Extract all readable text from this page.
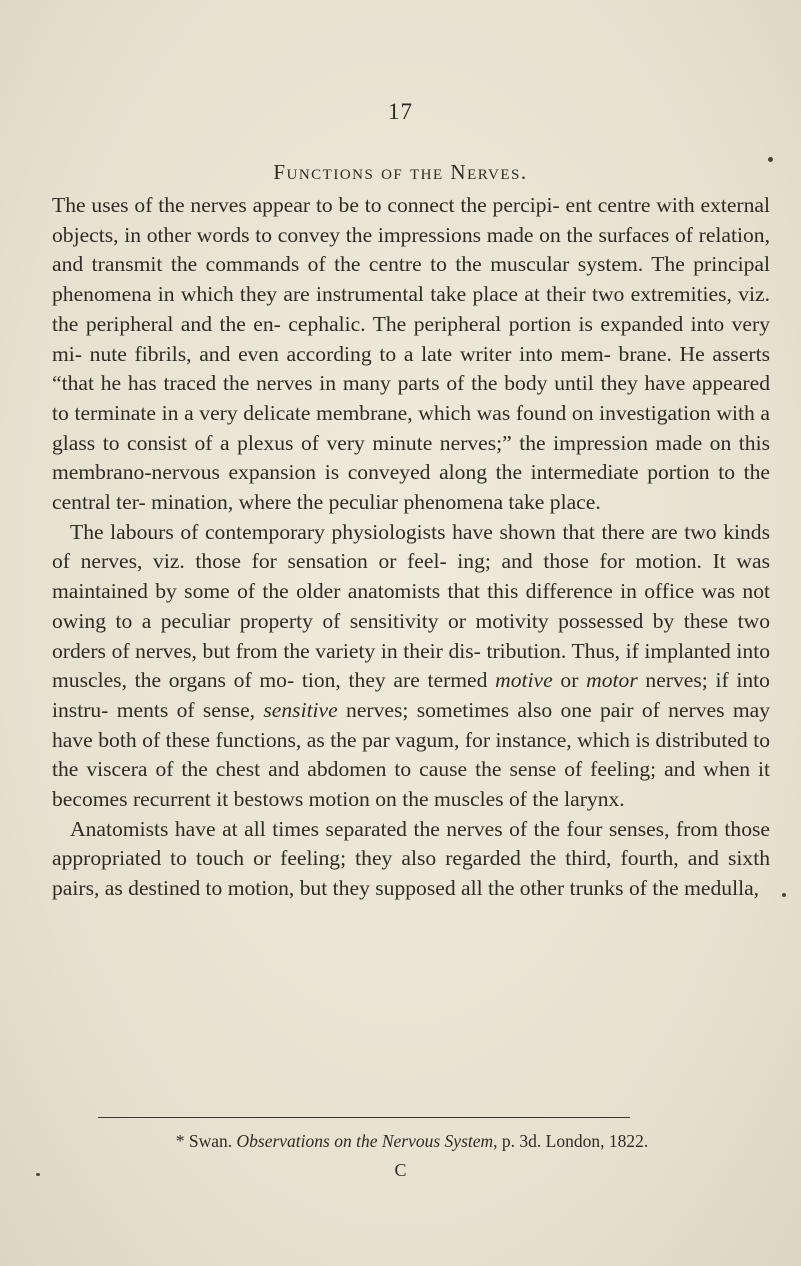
17
Functions of the Nerves.

The uses of the nerves appear to be to connect the percipi- ent centre with external objects, in other words to convey the impressions made on the surfaces of relation, and transmit the commands of the centre to the muscular system. The principal phenomena in which they are instrumental take place at their two extremities, viz. the peripheral and the en- cephalic. The peripheral portion is expanded into very mi- nute fibrils, and even according to a late writer into mem- brane. He asserts “that he has traced the nerves in many parts of the body until they have appeared to terminate in a very delicate membrane, which was found on investigation with a glass to consist of a plexus of very minute nerves;” the impression made on this membrano-nervous expansion is conveyed along the intermediate portion to the central ter- mination, where the peculiar phenomena take place.

The labours of contemporary physiologists have shown that there are two kinds of nerves, viz. those for sensation or feel- ing; and those for motion. It was maintained by some of the older anatomists that this difference in office was not owing to a peculiar property of sensitivity or motivity possessed by these two orders of nerves, but from the variety in their dis- tribution. Thus, if implanted into muscles, the organs of mo- tion, they are termed motive or motor nerves; if into instru- ments of sense, sensitive nerves; sometimes also one pair of nerves may have both of these functions, as the par vagum, for instance, which is distributed to the viscera of the chest and abdomen to cause the sense of feeling; and when it becomes recurrent it bestows motion on the muscles of the larynx.

Anatomists have at all times separated the nerves of the four senses, from those appropriated to touch or feeling; they also regarded the third, fourth, and sixth pairs, as destined to motion, but they supposed all the other trunks of the medulla,

* Swan. Observations on the Nervous System, p. 3d. London, 1822.
C
